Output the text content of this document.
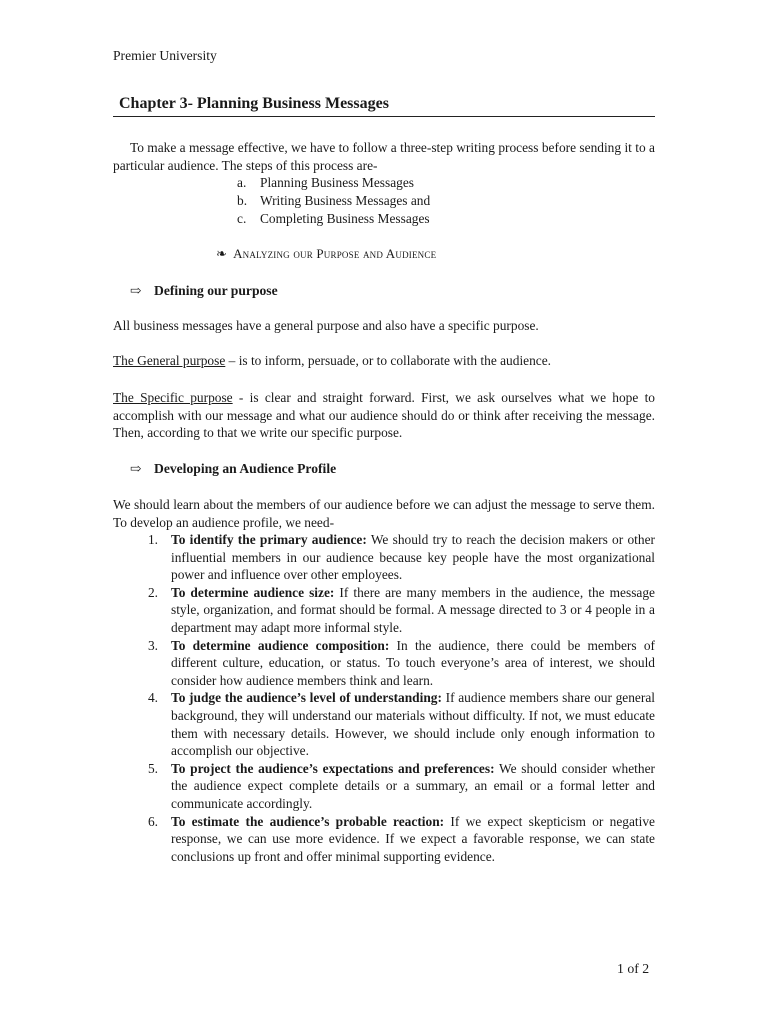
Premier University
Chapter 3- Planning Business Messages

To make a message effective, we have to follow a three-step writing process before sending it to a particular audience. The steps of this process are-

a.	Planning Business Messages
b. Writing Business Messages and
c.	Completing Business Messages
❧ Analyzing our Purpose and Audience
⇨ Defining our purpose

All business messages have a general purpose and also have a specific purpose.

The General purpose – is to inform, persuade, or to collaborate with the audience.

The Specific purpose - is clear and straight forward. First, we ask ourselves what we hope to accomplish with our message and what our audience should do or think after receiving the message. Then, according to that we write our specific purpose.

⇨ Developing an Audience Profile

We should learn about the members of our audience before we can adjust the message to serve them. To develop an audience profile, we need-

1. To identify the primary audience: We should try to reach the decision makers or other influential members in our audience because key people have the most organizational power and influence over other employees.
2. To determine audience size: If there are many members in the audience, the message style, organization, and format should be formal. A message directed to 3 or 4 people in a department may adapt more informal style.
3. To determine audience composition: In the audience, there could be members of different culture, education, or status. To touch everyone’s area of interest, we should consider how audience members think and learn.
4. To judge the audience’s level of understanding: If audience members share our general background, they will understand our materials without difficulty. If not, we must educate them with necessary details. However, we should include only enough information to accomplish our objective.
5. To project the audience’s expectations and preferences: We should consider whether the audience expect complete details or a summary, an email or a formal letter and communicate accordingly.
6. To estimate the audience’s probable reaction: If we expect skepticism or negative response, we can use more evidence. If we expect a favorable response, we can state conclusions up front and offer minimal supporting evidence.
1 of 2
